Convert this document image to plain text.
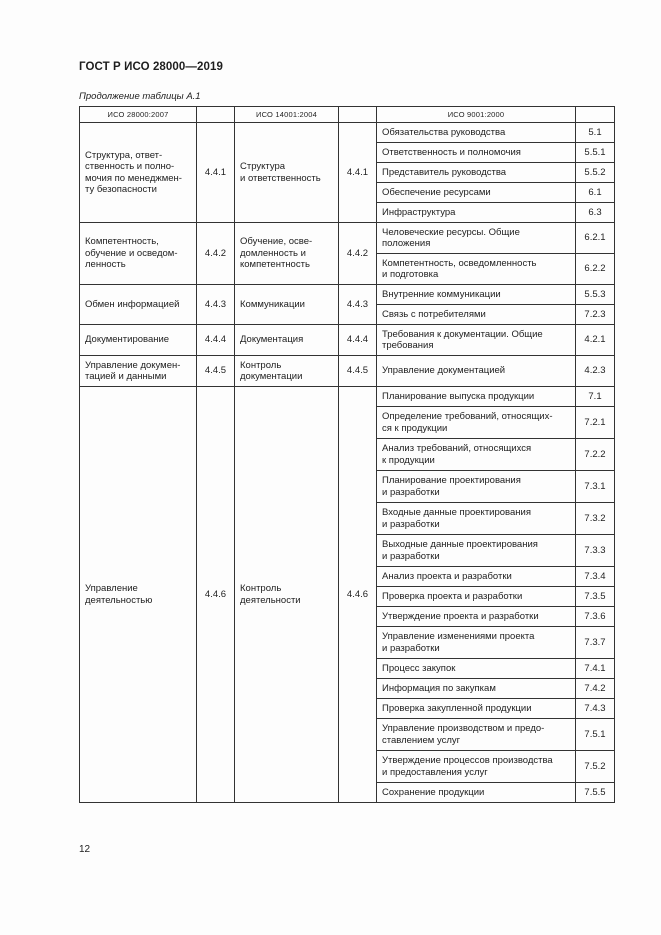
ГОСТ Р ИСО 28000—2019
Продолжение таблицы А.1
ИСО 28000:2007		ИСО 14001:2004		ИСО 9001:2000	
Структура, ответ-
ственность и полно-
мочия по менеджмен-
ту безопасности	4.4.1	Структура
и ответственность	4.4.1	Обязательства руководства	5.1
				Ответственность и полномочия	5.5.1
				Представитель руководства	5.5.2
				Обеспечение ресурсами	6.1
				Инфраструктура	6.3
Компетентность,
обучение и осведом-
ленность	4.4.2	Обучение, осве-
домленность и
компетентность	4.4.2	Человеческие ресурсы. Общие
положения	6.2.1
				Компетентность, осведомленность
и подготовка	6.2.2
Обмен информацией	4.4.3	Коммуникации	4.4.3	Внутренние коммуникации	5.5.3
				Связь с потребителями	7.2.3
Документирование	4.4.4	Документация	4.4.4	Требования к документации. Общие
требования	4.2.1
Управление докумен-
тацией и данными	4.4.5	Контроль
документации	4.4.5	Управление документацией	4.2.3
Управление
деятельностью	4.4.6	Контроль
деятельности	4.4.6	Планирование выпуска продукции	7.1
				Определение требований, относящих-
ся к продукции	7.2.1
				Анализ требований, относящихся
к продукции	7.2.2
				Планирование проектирования
и разработки	7.3.1
				Входные данные проектирования
и разработки	7.3.2
				Выходные данные проектирования
и разработки	7.3.3
				Анализ проекта и разработки	7.3.4
				Проверка проекта и разработки	7.3.5
				Утверждение проекта и разработки	7.3.6
				Управление изменениями проекта
и разработки	7.3.7
				Процесс закупок	7.4.1
				Информация по закупкам	7.4.2
				Проверка закупленной продукции	7.4.3
				Управление производством и предо-
ставлением услуг	7.5.1
				Утверждение процессов производства
и предоставления услуг	7.5.2
				Сохранение продукции	7.5.5
12
